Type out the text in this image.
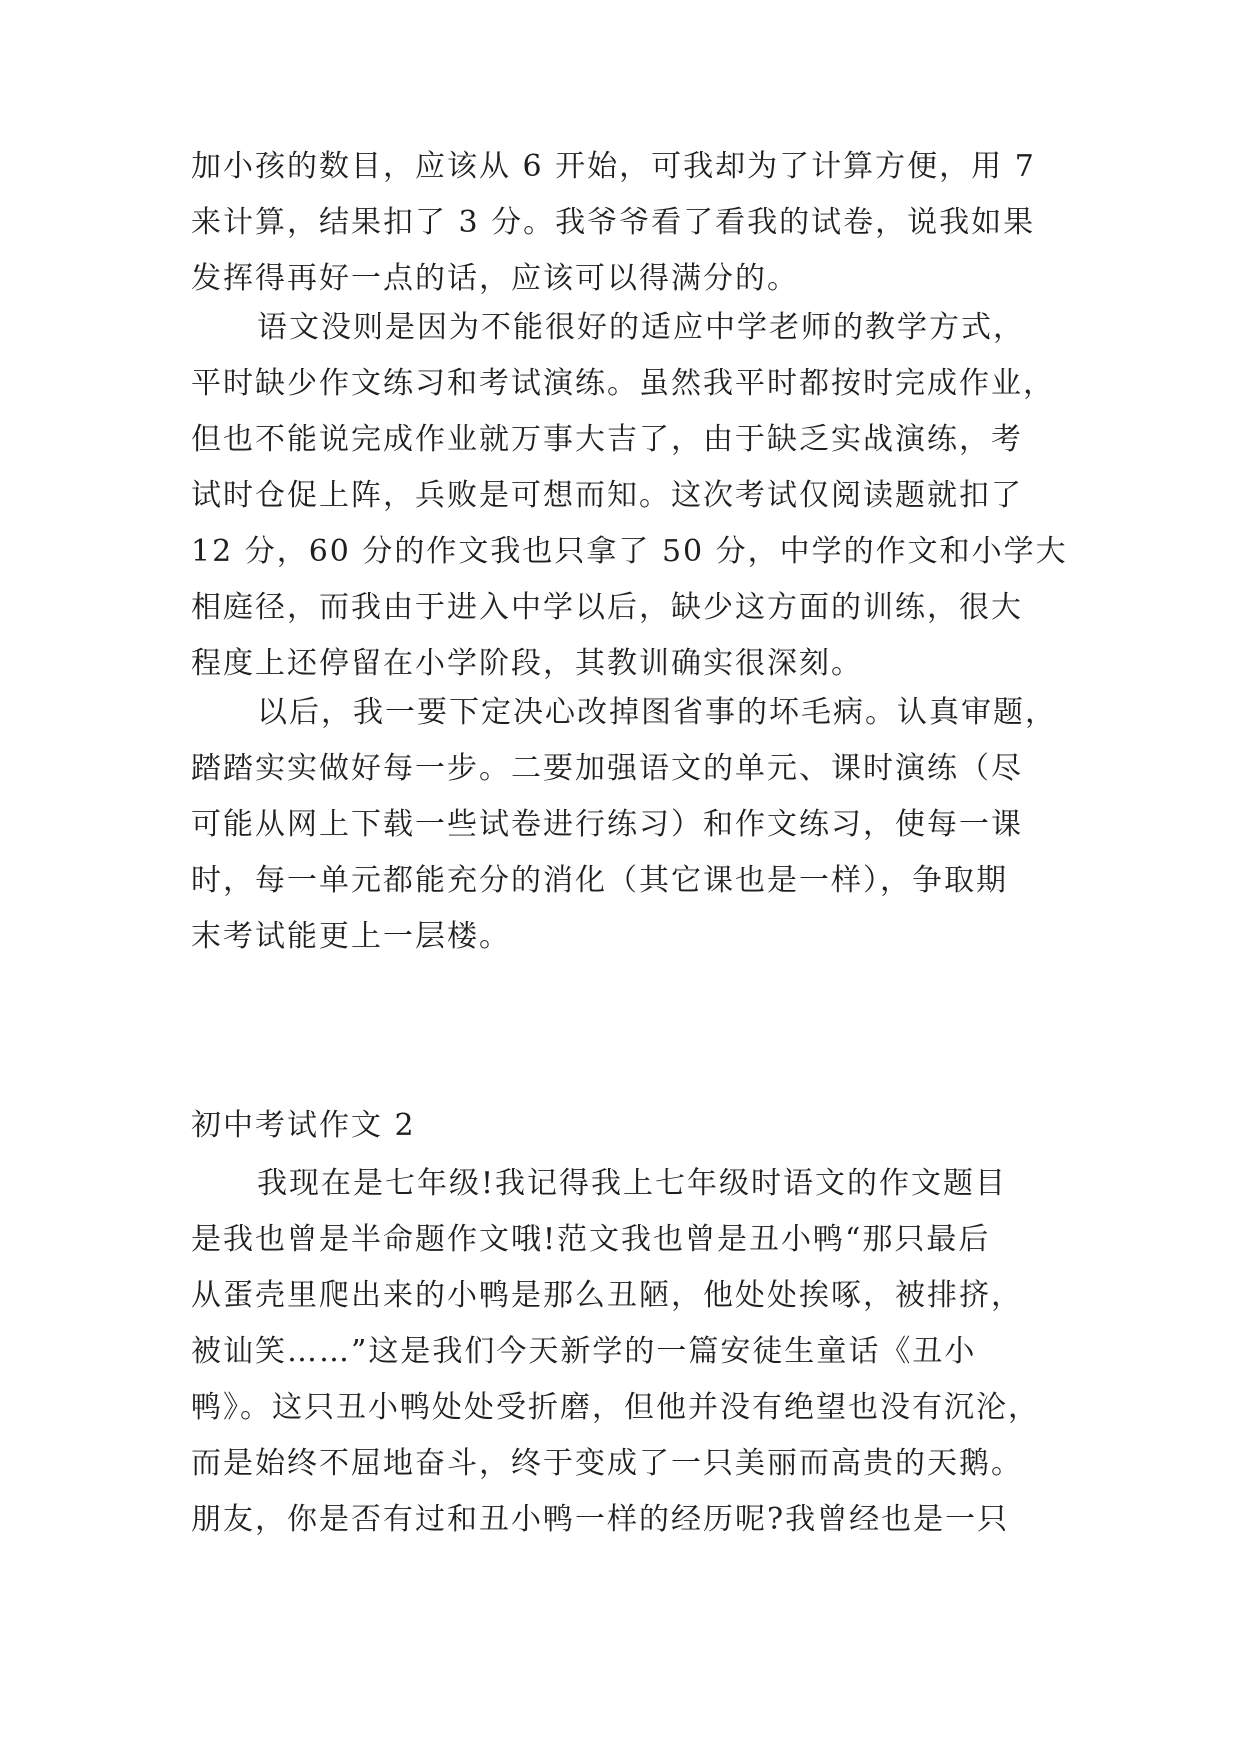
加小孩的数目，应该从 6 开始，可我却为了计算方便，用 7
来计算，结果扣了 3 分。我爷爷看了看我的试卷，说我如果
发挥得再好一点的话，应该可以得满分的。
语文没则是因为不能很好的适应中学老师的教学方式，
平时缺少作文练习和考试演练。虽然我平时都按时完成作业，
但也不能说完成作业就万事大吉了，由于缺乏实战演练，考
试时仓促上阵，兵败是可想而知。这次考试仅阅读题就扣了
12 分，60 分的作文我也只拿了 50 分，中学的作文和小学大
相庭径，而我由于进入中学以后，缺少这方面的训练，很大
程度上还停留在小学阶段，其教训确实很深刻。
以后，我一要下定决心改掉图省事的坏毛病。认真审题，
踏踏实实做好每一步。二要加强语文的单元、课时演练（尽
可能从网上下载一些试卷进行练习）和作文练习，使每一课
时，每一单元都能充分的消化（其它课也是一样），争取期
末考试能更上一层楼。
初中考试作文 2
我现在是七年级!我记得我上七年级时语文的作文题目
是我也曾是半命题作文哦!范文我也曾是丑小鸭“那只最后
从蛋壳里爬出来的小鸭是那么丑陋，他处处挨啄，被排挤，
被讪笑……”这是我们今天新学的一篇安徒生童话《丑小
鸭》。这只丑小鸭处处受折磨，但他并没有绝望也没有沉沦，
而是始终不屈地奋斗，终于变成了一只美丽而高贵的天鹅。
朋友，你是否有过和丑小鸭一样的经历呢?我曾经也是一只
